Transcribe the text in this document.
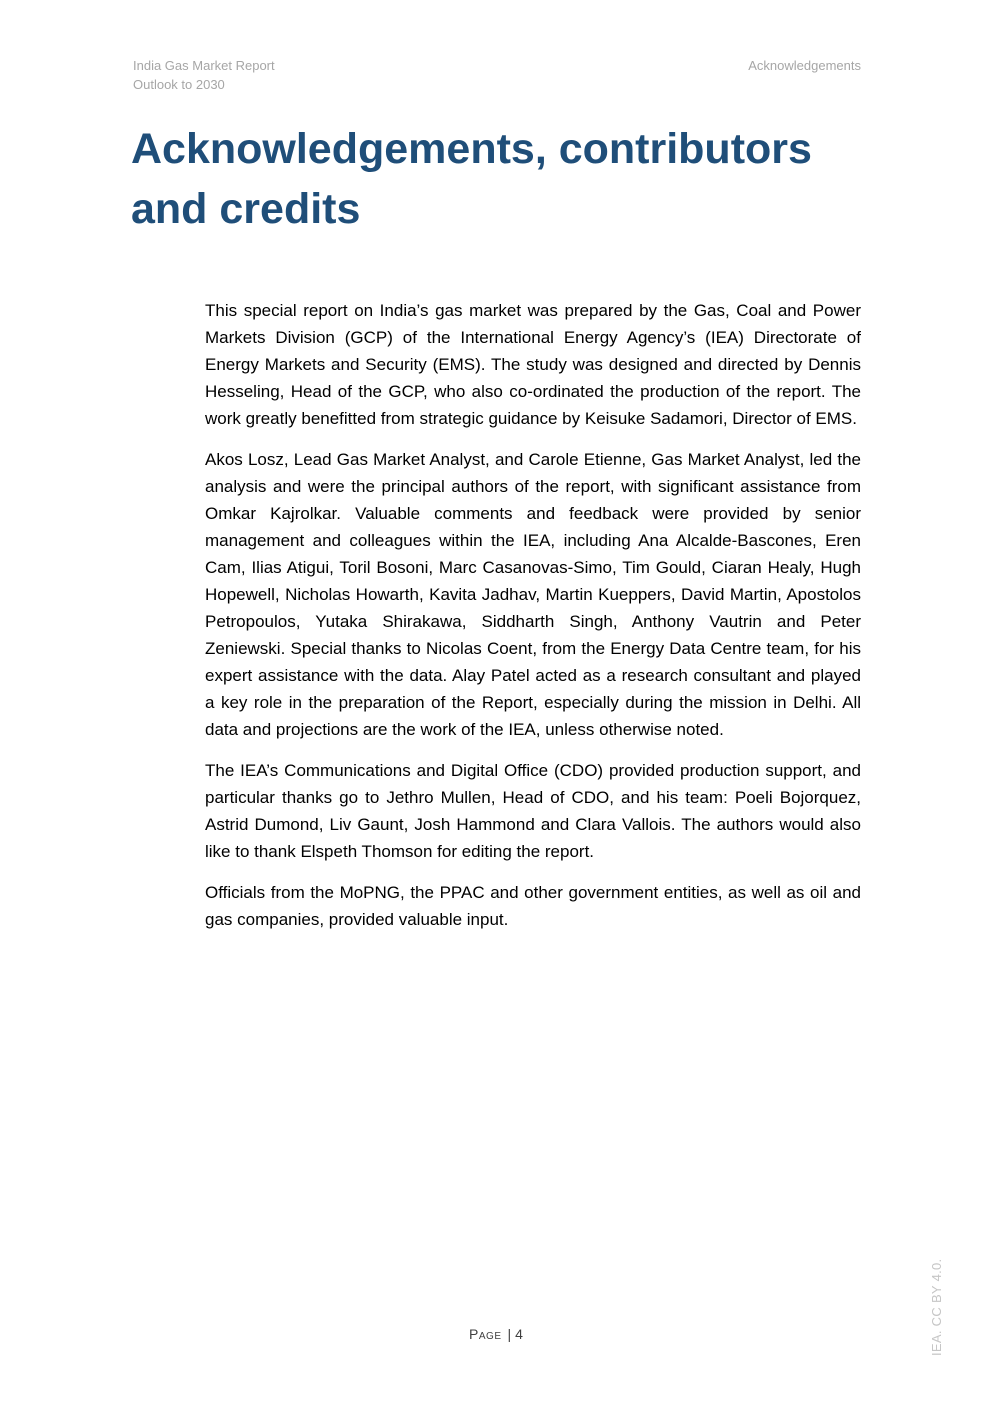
India Gas Market Report
Outlook to 2030
Acknowledgements
Acknowledgements, contributors
and credits

This special report on India’s gas market was prepared by the Gas, Coal and Power Markets Division (GCP) of the International Energy Agency’s (IEA) Directorate of Energy Markets and Security (EMS). The study was designed and directed by Dennis Hesseling, Head of the GCP, who also co-ordinated the production of the report. The work greatly benefitted from strategic guidance by Keisuke Sadamori, Director of EMS.

Akos Losz, Lead Gas Market Analyst, and Carole Etienne, Gas Market Analyst, led the analysis and were the principal authors of the report, with significant assistance from Omkar Kajrolkar. Valuable comments and feedback were provided by senior management and colleagues within the IEA, including Ana Alcalde-Bascones, Eren Cam, Ilias Atigui, Toril Bosoni, Marc Casanovas-Simo, Tim Gould, Ciaran Healy, Hugh Hopewell, Nicholas Howarth, Kavita Jadhav, Martin Kueppers, David Martin, Apostolos Petropoulos, Yutaka Shirakawa, Siddharth Singh, Anthony Vautrin and Peter Zeniewski. Special thanks to Nicolas Coent, from the Energy Data Centre team, for his expert assistance with the data. Alay Patel acted as a research consultant and played a key role in the preparation of the Report, especially during the mission in Delhi. All data and projections are the work of the IEA, unless otherwise noted.

The IEA’s Communications and Digital Office (CDO) provided production support, and particular thanks go to Jethro Mullen, Head of CDO, and his team: Poeli Bojorquez, Astrid Dumond, Liv Gaunt, Josh Hammond and Clara Vallois. The authors would also like to thank Elspeth Thomson for editing the report.

Officials from the MoPNG, the PPAC and other government entities, as well as oil and gas companies, provided valuable input.

Page | 4	IEA. CC BY 4.0.
